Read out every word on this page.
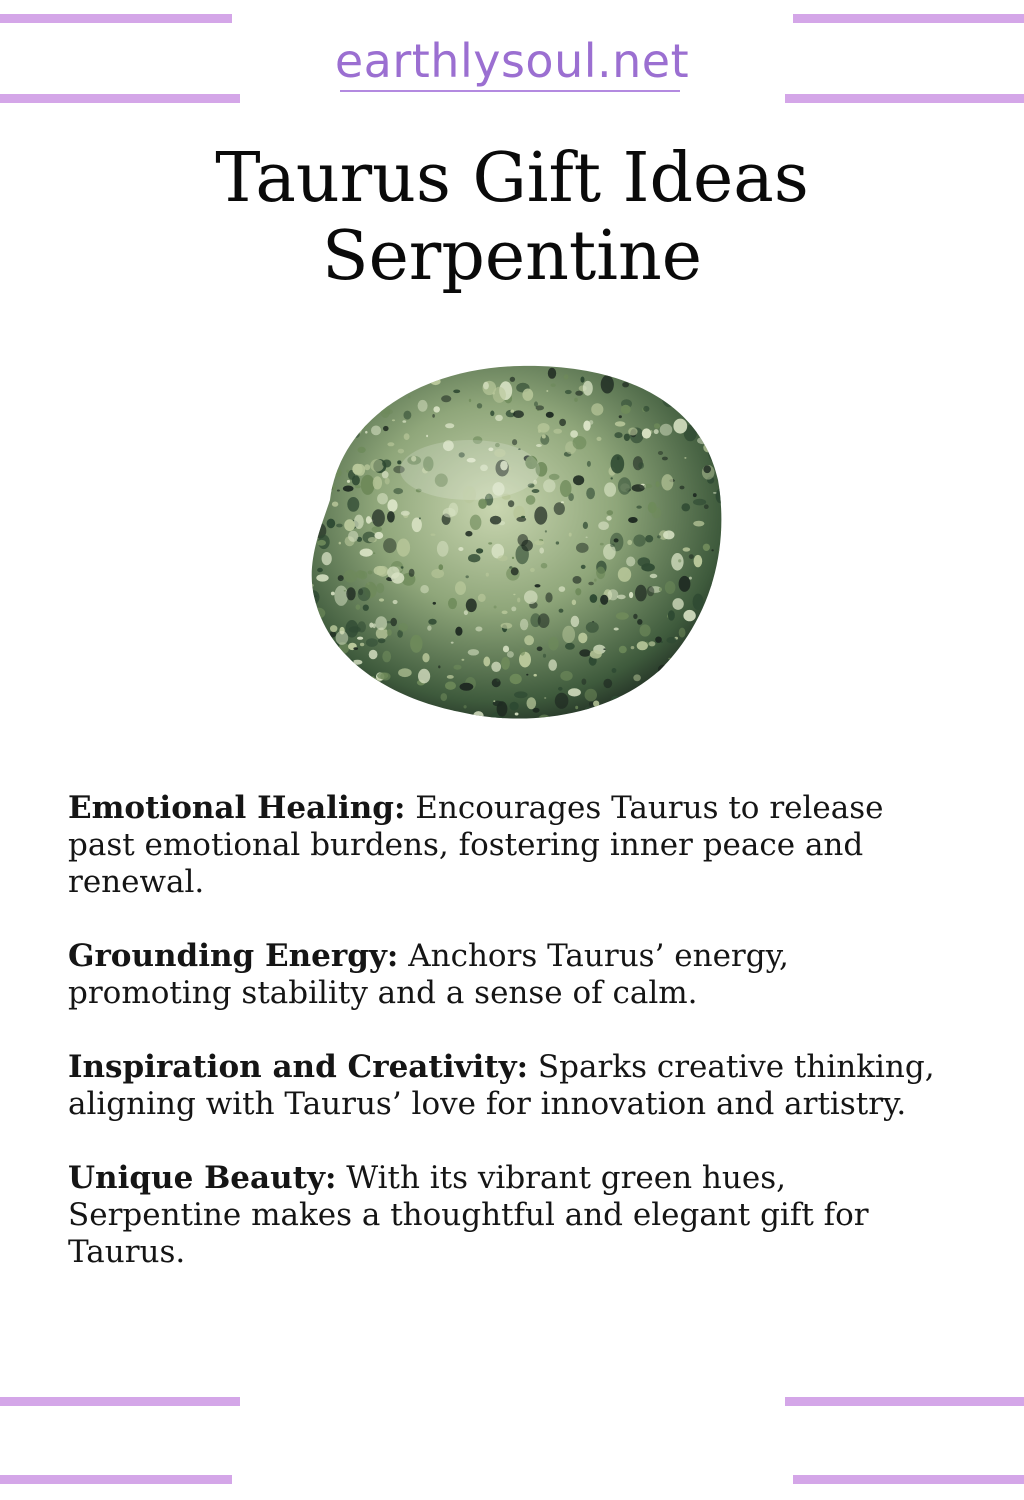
earthlysoul.net
Taurus Gift Ideas
Serpentine

Emotional Healing: Encourages Taurus to release past emotional burdens, fostering inner peace and renewal.

Grounding Energy: Anchors Taurus’ energy, promoting stability and a sense of calm.

Inspiration and Creativity: Sparks creative thinking, aligning with Taurus’ love for innovation and artistry.

Unique Beauty: With its vibrant green hues, Serpentine makes a thoughtful and elegant gift for Taurus.
